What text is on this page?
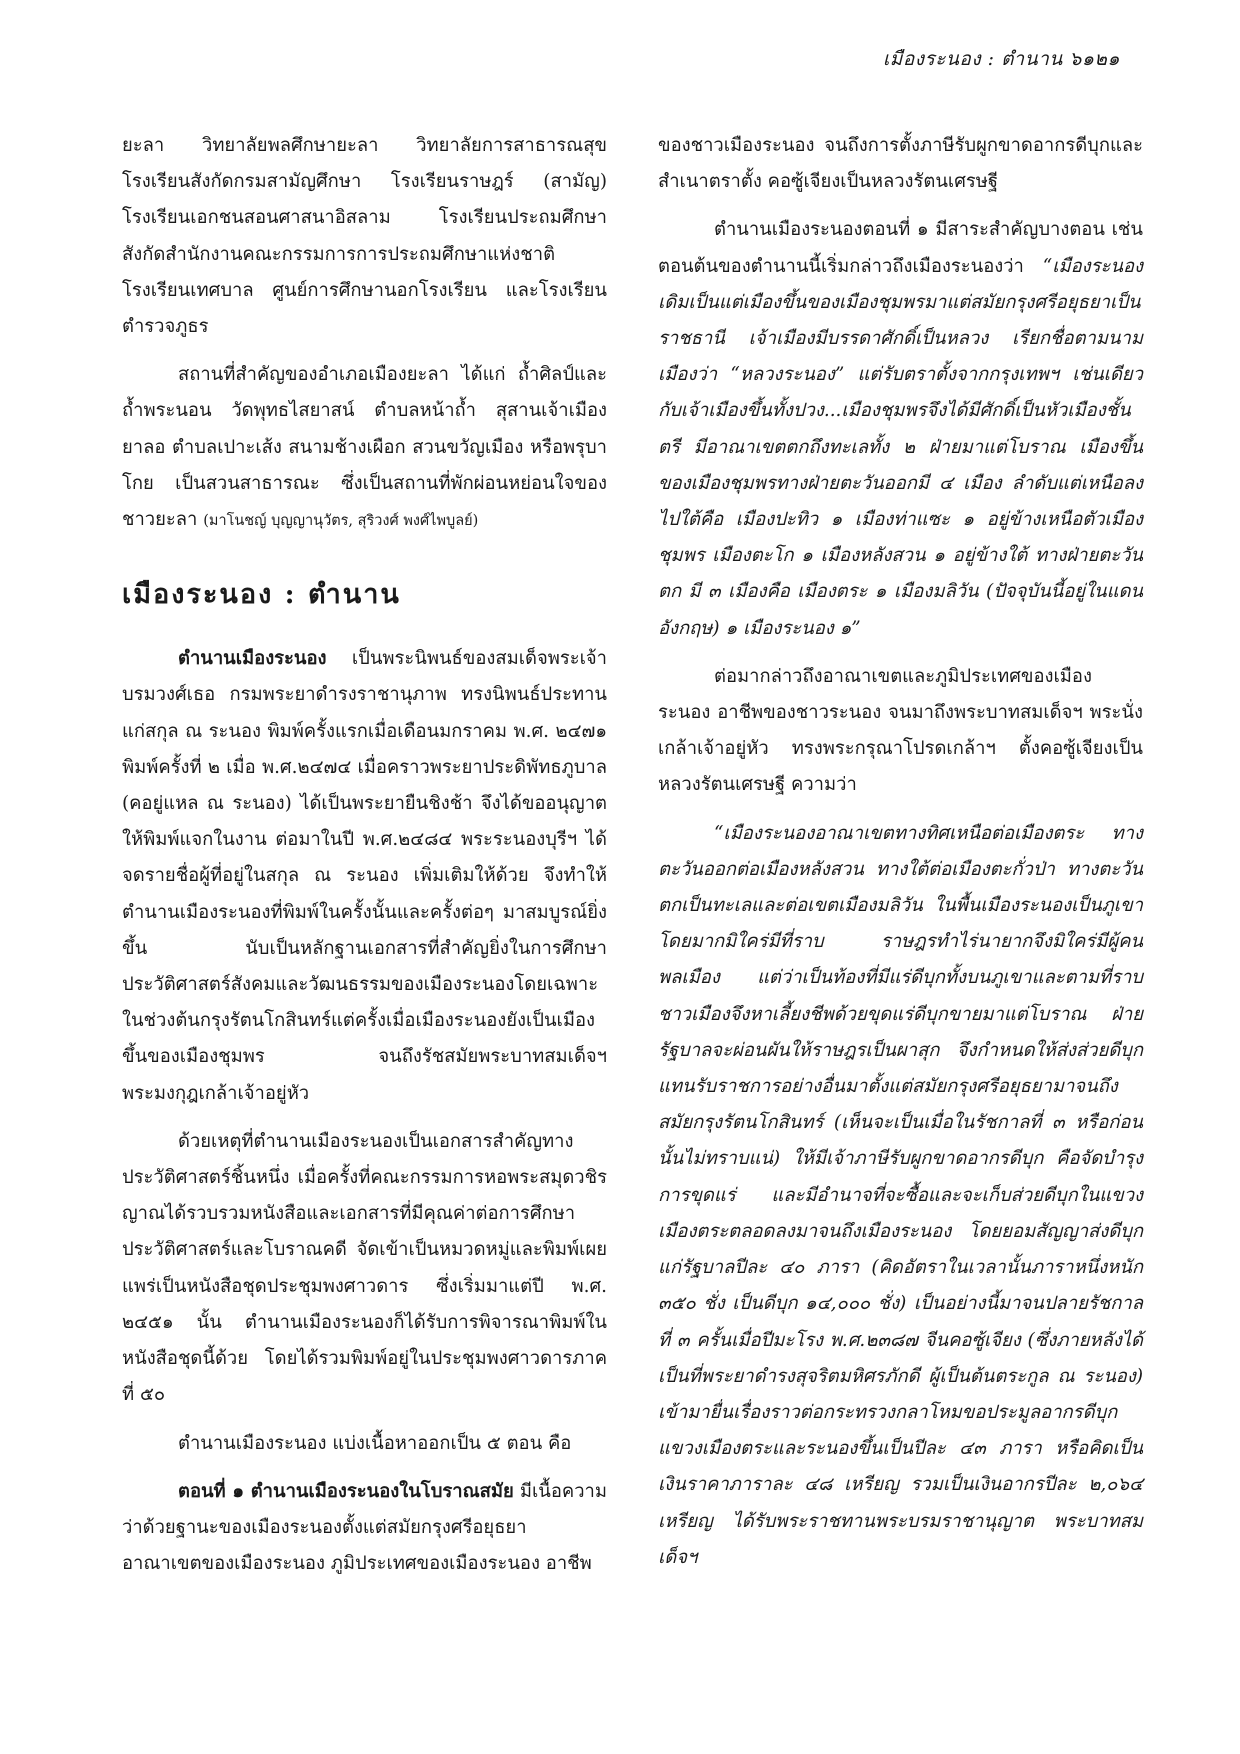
เมืองระนอง : ตำนาน ๖๑๒๑

ยะลา วิทยาลัยพลศึกษายะลา วิทยาลัยการสาธารณสุข โรงเรียนสังกัดกรมสามัญศึกษา โรงเรียนราษฎร์ (สามัญ) โรงเรียนเอกชนสอนศาสนาอิสลาม โรงเรียนประถมศึกษา สังกัดสำนักงานคณะกรรมการการประถมศึกษาแห่งชาติ โรงเรียนเทศบาล ศูนย์การศึกษานอกโรงเรียน และโรงเรียนตำรวจภูธร

สถานที่สำคัญของอำเภอเมืองยะลา ได้แก่ ถ้ำศิลป์และถ้ำพระนอน วัดพุทธไสยาสน์ ตำบลหน้าถ้ำ สุสานเจ้าเมืองยาลอ ตำบลเปาะเส้ง สนามช้างเผือก สวนขวัญเมือง หรือพรุบาโกย เป็นสวนสาธารณะ ซึ่งเป็นสถานที่พักผ่อนหย่อนใจของชาวยะลา (มาโนชญ์ บุญญานุวัตร, สุริวงศ์ พงศ์ไพบูลย์)

เมืองระนอง : ตำนาน

ตำนานเมืองระนอง เป็นพระนิพนธ์ของสมเด็จพระเจ้าบรมวงศ์เธอ กรมพระยาดำรงราชานุภาพ ทรงนิพนธ์ประทานแก่สกุล ณ ระนอง พิมพ์ครั้งแรกเมื่อเดือนมกราคม พ.ศ. ๒๔๗๑ พิมพ์ครั้งที่ ๒ เมื่อ พ.ศ.๒๔๗๔ เมื่อคราวพระยาประดิพัทธภูบาล (คอยู่แหล ณ ระนอง) ได้เป็นพระยายืนชิงช้า จึงได้ขออนุญาตให้พิมพ์แจกในงาน ต่อมาในปี พ.ศ.๒๔๘๔ พระระนองบุรีฯ ได้จดรายชื่อผู้ที่อยู่ในสกุล ณ ระนอง เพิ่มเติมให้ด้วย จึงทำให้ตำนานเมืองระนองที่พิมพ์ในครั้งนั้นและครั้งต่อๆ มาสมบูรณ์ยิ่งขึ้น นับเป็นหลักฐานเอกสารที่สำคัญยิ่งในการศึกษาประวัติศาสตร์สังคมและวัฒนธรรมของเมืองระนองโดยเฉพาะในช่วงต้นกรุงรัตนโกสินทร์แต่ครั้งเมื่อเมืองระนองยังเป็นเมืองขึ้นของเมืองชุมพร จนถึงรัชสมัยพระบาทสมเด็จฯ พระมงกุฎเกล้าเจ้าอยู่หัว

ด้วยเหตุที่ตำนานเมืองระนองเป็นเอกสารสำคัญทางประวัติศาสตร์ชิ้นหนึ่ง เมื่อครั้งที่คณะกรรมการหอพระสมุดวชิรญาณได้รวบรวมหนังสือและเอกสารที่มีคุณค่าต่อการศึกษาประวัติศาสตร์และโบราณคดี จัดเข้าเป็นหมวดหมู่และพิมพ์เผยแพร่เป็นหนังสือชุดประชุมพงศาวดาร ซึ่งเริ่มมาแต่ปี พ.ศ. ๒๔๕๑ นั้น ตำนานเมืองระนองก็ได้รับการพิจารณาพิมพ์ในหนังสือชุดนี้ด้วย โดยได้รวมพิมพ์อยู่ในประชุมพงศาวดารภาคที่ ๕๐

ตำนานเมืองระนอง แบ่งเนื้อหาออกเป็น ๕ ตอน คือ

ตอนที่ ๑ ตำนานเมืองระนองในโบราณสมัย มีเนื้อความว่าด้วยฐานะของเมืองระนองตั้งแต่สมัยกรุงศรีอยุธยา อาณาเขตของเมืองระนอง ภูมิประเทศของเมืองระนอง อาชีพ

ของชาวเมืองระนอง จนถึงการตั้งภาษีรับผูกขาดอากรดีบุกและสำเนาตราตั้ง คอซู้เจียงเป็นหลวงรัตนเศรษฐี

ตำนานเมืองระนองตอนที่ ๑ มีสาระสำคัญบางตอน เช่น ตอนต้นของตำนานนี้เริ่มกล่าวถึงเมืองระนองว่า “เมืองระนองเดิมเป็นแต่เมืองขึ้นของเมืองชุมพรมาแต่สมัยกรุงศรีอยุธยาเป็นราชธานี เจ้าเมืองมีบรรดาศักดิ์เป็นหลวง เรียกชื่อตามนามเมืองว่า “หลวงระนอง” แต่รับตราตั้งจากกรุงเทพฯ เช่นเดียวกับเจ้าเมืองขึ้นทั้งปวง...เมืองชุมพรจึงได้มีศักดิ์เป็นหัวเมืองชั้นตรี มีอาณาเขตตกถึงทะเลทั้ง ๒ ฝ่ายมาแต่โบราณ เมืองขึ้นของเมืองชุมพรทางฝ่ายตะวันออกมี ๔ เมือง ลำดับแต่เหนือลงไปใต้คือ เมืองปะทิว ๑ เมืองท่าแซะ ๑ อยู่ข้างเหนือตัวเมืองชุมพร เมืองตะโก ๑ เมืองหลังสวน ๑ อยู่ข้างใต้ ทางฝ่ายตะวันตก มี ๓ เมืองคือ เมืองตระ ๑ เมืองมลิวัน (ปัจจุบันนี้อยู่ในแดนอังกฤษ) ๑ เมืองระนอง ๑”

ต่อมากล่าวถึงอาณาเขตและภูมิประเทศของเมืองระนอง อาชีพของชาวระนอง จนมาถึงพระบาทสมเด็จฯ พระนั่งเกล้าเจ้าอยู่หัว ทรงพระกรุณาโปรดเกล้าฯ ตั้งคอซู้เจียงเป็นหลวงรัตนเศรษฐี ความว่า

“เมืองระนองอาณาเขตทางทิศเหนือต่อเมืองตระ ทางตะวันออกต่อเมืองหลังสวน ทางใต้ต่อเมืองตะกั่วป่า ทางตะวันตกเป็นทะเลและต่อเขตเมืองมลิวัน ในพื้นเมืองระนองเป็นภูเขาโดยมากมิใคร่มีที่ราบ ราษฎรทำไร่นายากจึงมิใคร่มีผู้คนพลเมือง แต่ว่าเป็นท้องที่มีแร่ดีบุกทั้งบนภูเขาและตามที่ราบ ชาวเมืองจึงหาเลี้ยงชีพด้วยขุดแร่ดีบุกขายมาแต่โบราณ ฝ่ายรัฐบาลจะผ่อนผันให้ราษฎรเป็นผาสุก จึงกำหนดให้ส่งส่วยดีบุกแทนรับราชการอย่างอื่นมาตั้งแต่สมัยกรุงศรีอยุธยามาจนถึงสมัยกรุงรัตนโกสินทร์ (เห็นจะเป็นเมื่อในรัชกาลที่ ๓ หรือก่อนนั้นไม่ทราบแน่) ให้มีเจ้าภาษีรับผูกขาดอากรดีบุก คือจัดบำรุงการขุดแร่ และมีอำนาจที่จะซื้อและจะเก็บส่วยดีบุกในแขวงเมืองตระตลอดลงมาจนถึงเมืองระนอง โดยยอมสัญญาส่งดีบุกแก่รัฐบาลปีละ ๔๐ ภารา (คิดอัตราในเวลานั้นภาราหนึ่งหนัก ๓๕๐ ชั่ง เป็นดีบุก ๑๔,๐๐๐ ชั่ง) เป็นอย่างนี้มาจนปลายรัชกาลที่ ๓ ครั้นเมื่อปีมะโรง พ.ศ.๒๓๘๗ จีนคอซู้เจียง (ซึ่งภายหลังได้เป็นที่พระยาดำรงสุจริตมหิศรภักดี ผู้เป็นต้นตระกูล ณ ระนอง) เข้ามายื่นเรื่องราวต่อกระทรวงกลาโหมขอประมูลอากรดีบุกแขวงเมืองตระและระนองขึ้นเป็นปีละ ๔๓ ภารา หรือคิดเป็นเงินราคาภาราละ ๔๘ เหรียญ รวมเป็นเงินอากรปีละ ๒,๐๖๔ เหรียญ ได้รับพระราชทานพระบรมราชานุญาต พระบาทสมเด็จฯ
